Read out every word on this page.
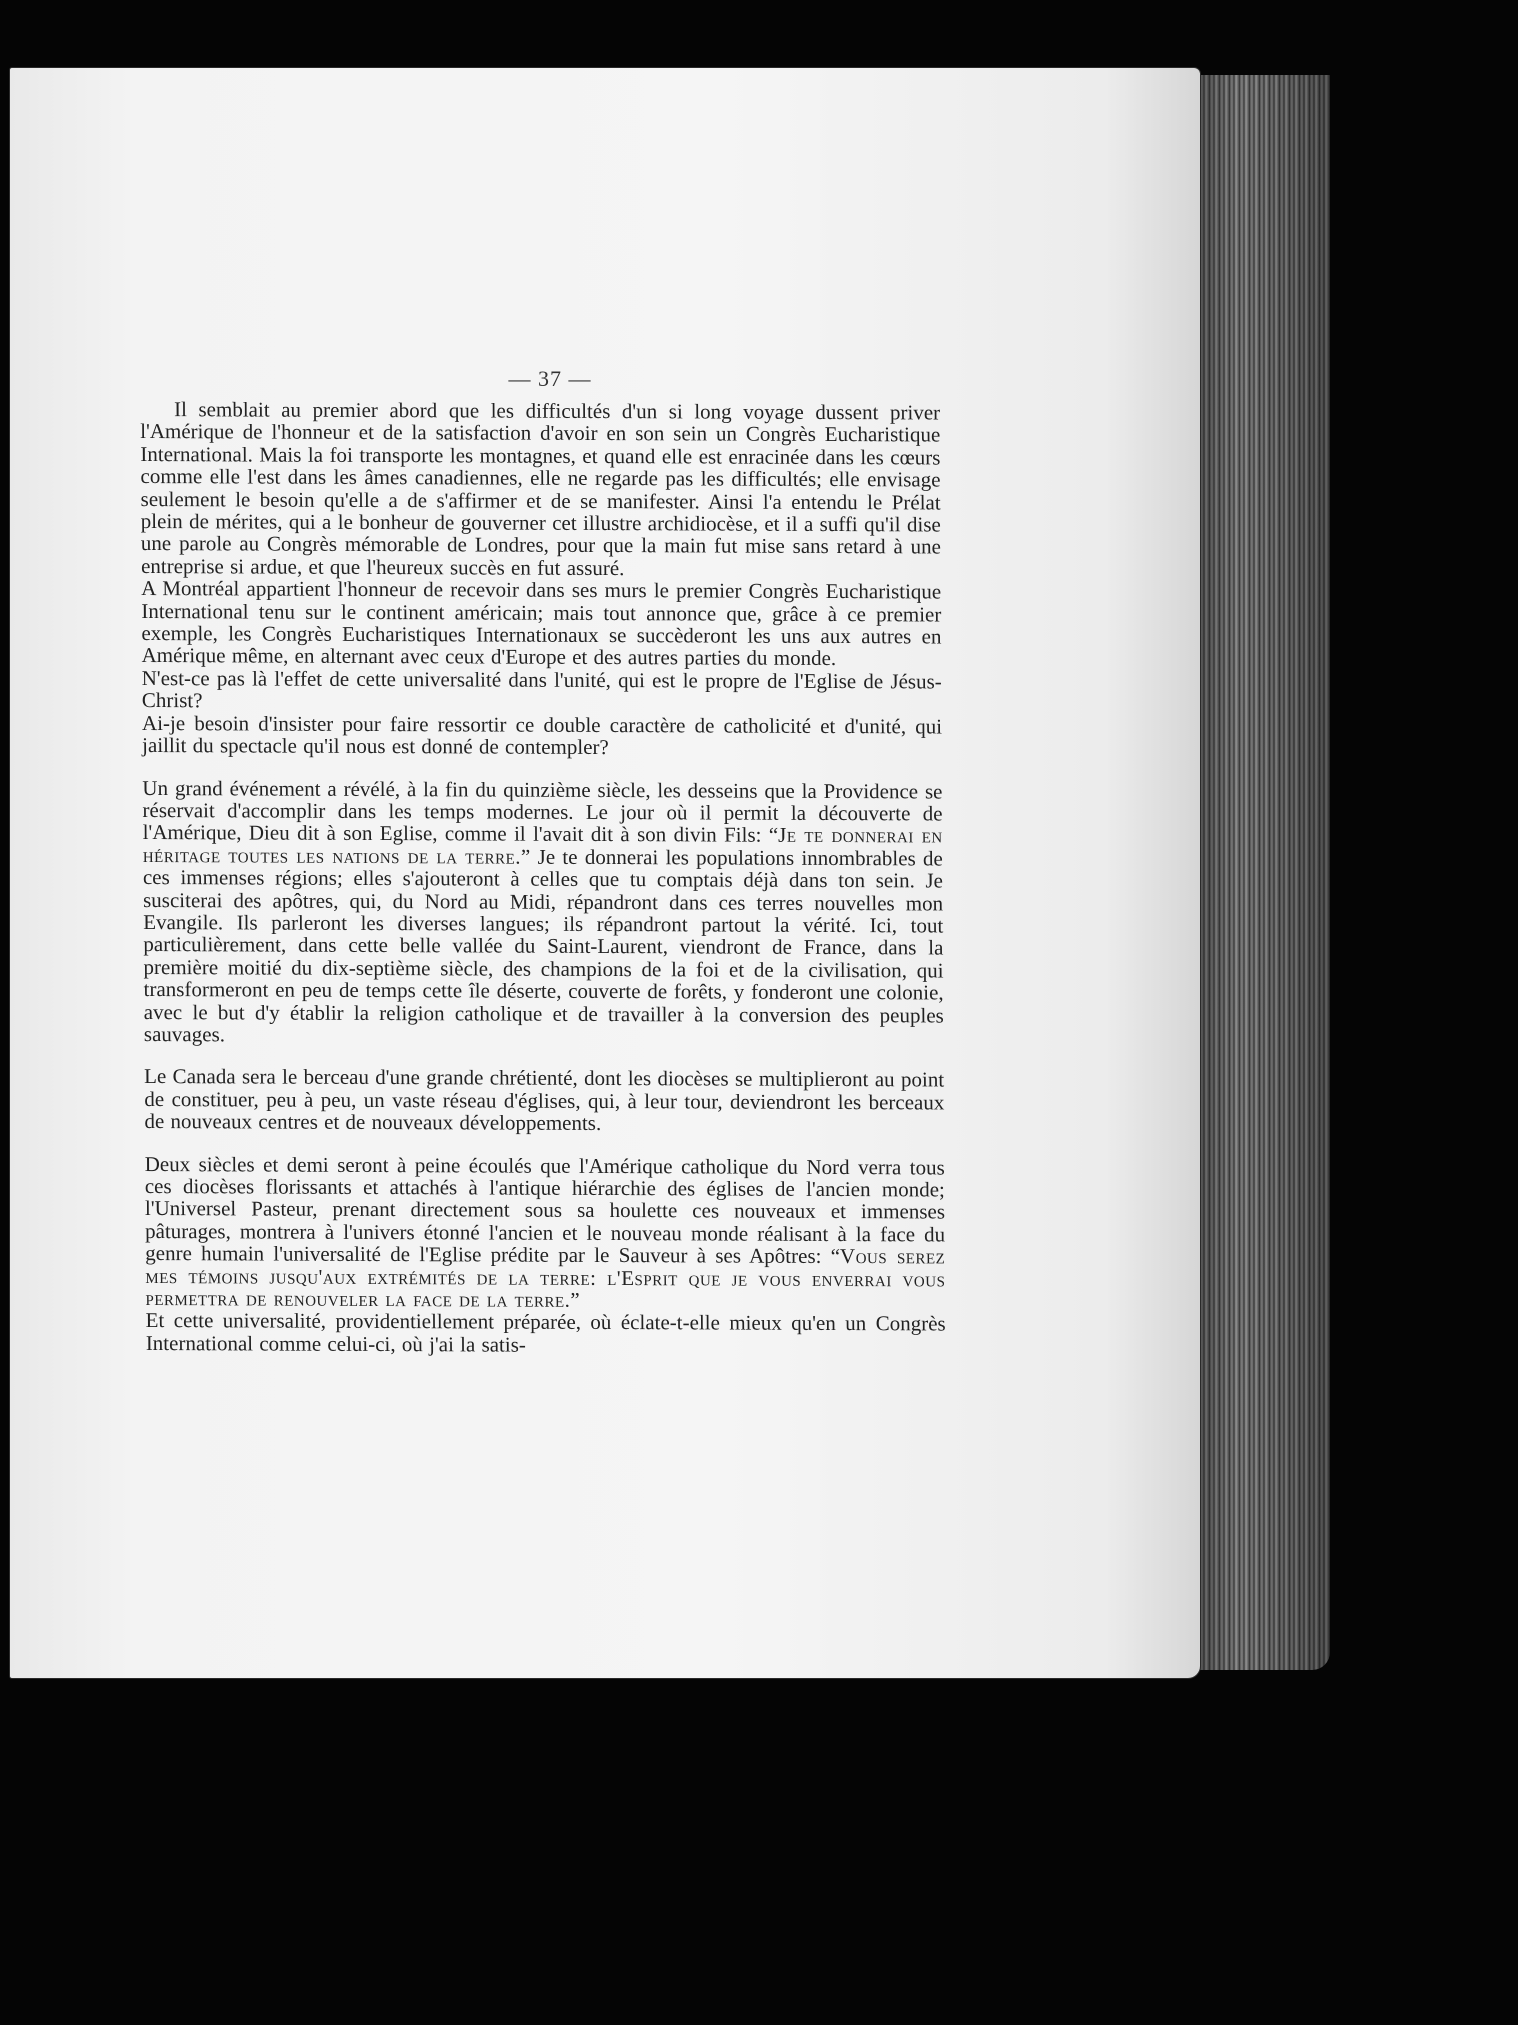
— 37 —

Il semblait au premier abord que les difficultés d'un si long voyage dussent priver l'Amérique de l'honneur et de la satisfaction d'avoir en son sein un Congrès Eucharistique International. Mais la foi transporte les montagnes, et quand elle est enracinée dans les cœurs comme elle l'est dans les âmes canadiennes, elle ne regarde pas les difficultés; elle envisage seulement le besoin qu'elle a de s'affirmer et de se manifester. Ainsi l'a entendu le Prélat plein de mérites, qui a le bonheur de gouverner cet illustre archidiocèse, et il a suffi qu'il dise une parole au Congrès mémorable de Londres, pour que la main fut mise sans retard à une entreprise si ardue, et que l'heureux succès en fut assuré.

A Montréal appartient l'honneur de recevoir dans ses murs le premier Congrès Eucharistique International tenu sur le continent américain; mais tout annonce que, grâce à ce premier exemple, les Congrès Eucharistiques Internationaux se succèderont les uns aux autres en Amérique même, en alternant avec ceux d'Europe et des autres parties du monde.

N'est-ce pas là l'effet de cette universalité dans l'unité, qui est le propre de l'Eglise de Jésus-Christ?

Ai-je besoin d'insister pour faire ressortir ce double caractère de catholicité et d'unité, qui jaillit du spectacle qu'il nous est donné de contempler?

Un grand événement a révélé, à la fin du quinzième siècle, les desseins que la Providence se réservait d'accomplir dans les temps modernes. Le jour où il permit la découverte de l'Amérique, Dieu dit à son Eglise, comme il l'avait dit à son divin Fils: “Je te donnerai en héritage toutes les nations de la terre.” Je te donnerai les populations innombrables de ces immenses régions; elles s'ajouteront à celles que tu comptais déjà dans ton sein. Je susciterai des apôtres, qui, du Nord au Midi, répandront dans ces terres nouvelles mon Evangile. Ils parleront les diverses langues; ils répandront partout la vérité. Ici, tout particulièrement, dans cette belle vallée du Saint-Laurent, viendront de France, dans la première moitié du dix-septième siècle, des champions de la foi et de la civilisation, qui transformeront en peu de temps cette île déserte, couverte de forêts, y fonderont une colonie, avec le but d'y établir la religion catholique et de travailler à la conversion des peuples sauvages.

Le Canada sera le berceau d'une grande chrétienté, dont les diocèses se multiplieront au point de constituer, peu à peu, un vaste réseau d'églises, qui, à leur tour, deviendront les berceaux de nouveaux centres et de nouveaux développements.

Deux siècles et demi seront à peine écoulés que l'Amérique catholique du Nord verra tous ces diocèses florissants et attachés à l'antique hiérarchie des églises de l'ancien monde; l'Universel Pasteur, prenant directement sous sa houlette ces nouveaux et immenses pâturages, montrera à l'univers étonné l'ancien et le nouveau monde réalisant à la face du genre humain l'universalité de l'Eglise prédite par le Sauveur à ses Apôtres: “Vous serez mes témoins jusqu'aux extrémités de la terre: l'Esprit que je vous enverrai vous permettra de renouveler la face de la terre.”

Et cette universalité, providentiellement préparée, où éclate-t-elle mieux qu'en un Congrès International comme celui-ci, où j'ai la satis-
